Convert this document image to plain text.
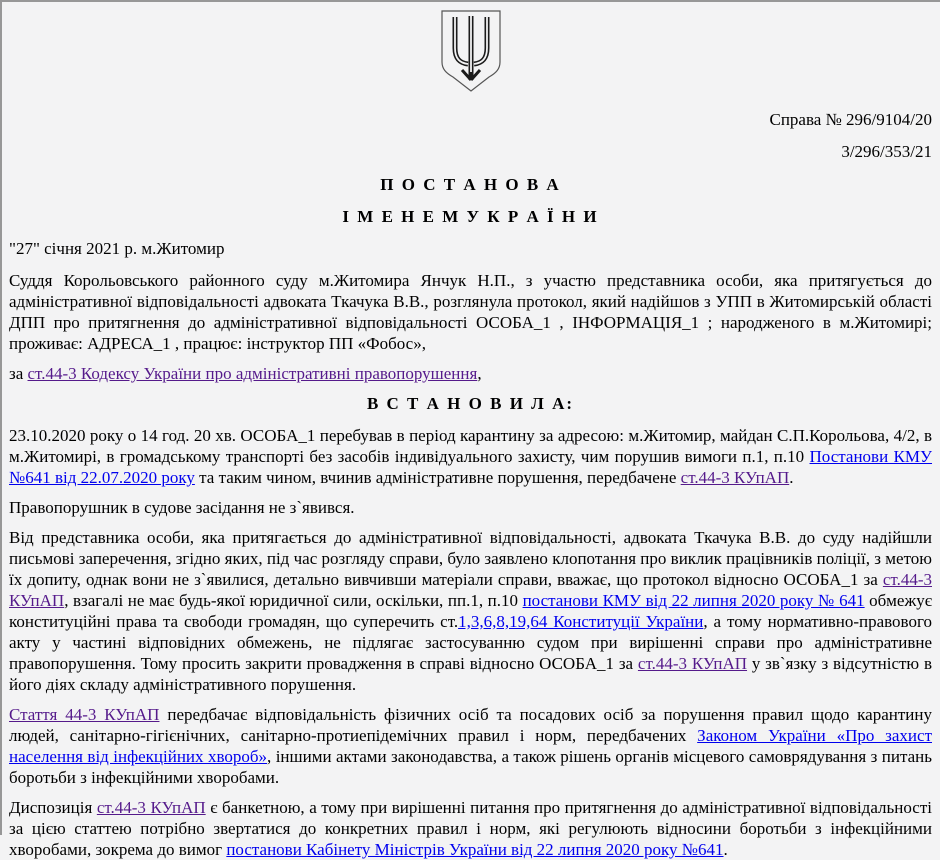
Справа № 296/9104/20
3/296/353/21
П О С Т А Н О В А
І М Е Н Е М У К Р А Ї Н И
"27" січня 2021 р. м.Житомир

Суддя Корольовського районного суду м.Житомира Янчук Н.П., з участю представника особи, яка притягується до адміністративної відповідальності адвоката Ткачука В.В., розглянула протокол, який надійшов з УПП в Житомирській області ДПП про притягнення до адміністративної відповідальності ОСОБА_1 , ІНФОРМАЦІЯ_1 ; народженого в м.Житомирі; проживає: АДРЕСА_1 , працює: інструктор ПП «Фобос»,

за ст.44-3 Кодексу України про адміністративні правопорушення,

В С Т А Н О В И Л А:

23.10.2020 року о 14 год. 20 хв. ОСОБА_1 перебував в період карантину за адресою: м.Житомир, майдан С.П.Корольова, 4/2, в м.Житомирі, в громадському транспорті без засобів індивідуального захисту, чим порушив вимоги п.1, п.10 Постанови КМУ №641 від 22.07.2020 року та таким чином, вчинив адміністративне порушення, передбачене ст.44-3 КУпАП.

Правопорушник в судове засідання не з`явився.

Від представника особи, яка притягається до адміністративної відповідальності, адвоката Ткачука В.В. до суду надійшли письмові заперечення, згідно яких, під час розгляду справи, було заявлено клопотання про виклик працівників поліції, з метою їх допиту, однак вони не з`явилися, детально вивчивши матеріали справи, вважає, що протокол відносно ОСОБА_1 за ст.44-3 КУпАП, взагалі не має будь-якої юридичної сили, оскільки, пп.1, п.10 постанови КМУ від 22 липня 2020 року № 641 обмежує конституційні права та свободи громадян, що суперечить ст.1,3,6,8,19,64 Конституції України, а тому нормативно-правового акту у частині відповідних обмежень, не підлягає застосуванню судом при вирішенні справи про адміністративне правопорушення. Тому просить закрити провадження в справі відносно ОСОБА_1 за ст.44-3 КУпАП у зв`язку з відсутністю в його діях складу адміністративного порушення.

Стаття 44-3 КУпАП передбачає відповідальність фізичних осіб та посадових осіб за порушення правил щодо карантину людей, санітарно-гігієнічних, санітарно-протиепідемічних правил і норм, передбачених Законом України «Про захист населення від інфекційних хвороб», іншими актами законодавства, а також рішень органів місцевого самоврядування з питань боротьби з інфекційними хворобами.

Диспозиція ст.44-3 КУпАП є банкетною, а тому при вирішенні питання про притягнення до адміністративної відповідальності за цією статтею потрібно звертатися до конкретних правил і норм, які регулюють відносини боротьби з інфекційними хворобами, зокрема до вимог постанови Кабінету Міністрів України від 22 липня 2020 року №641.
